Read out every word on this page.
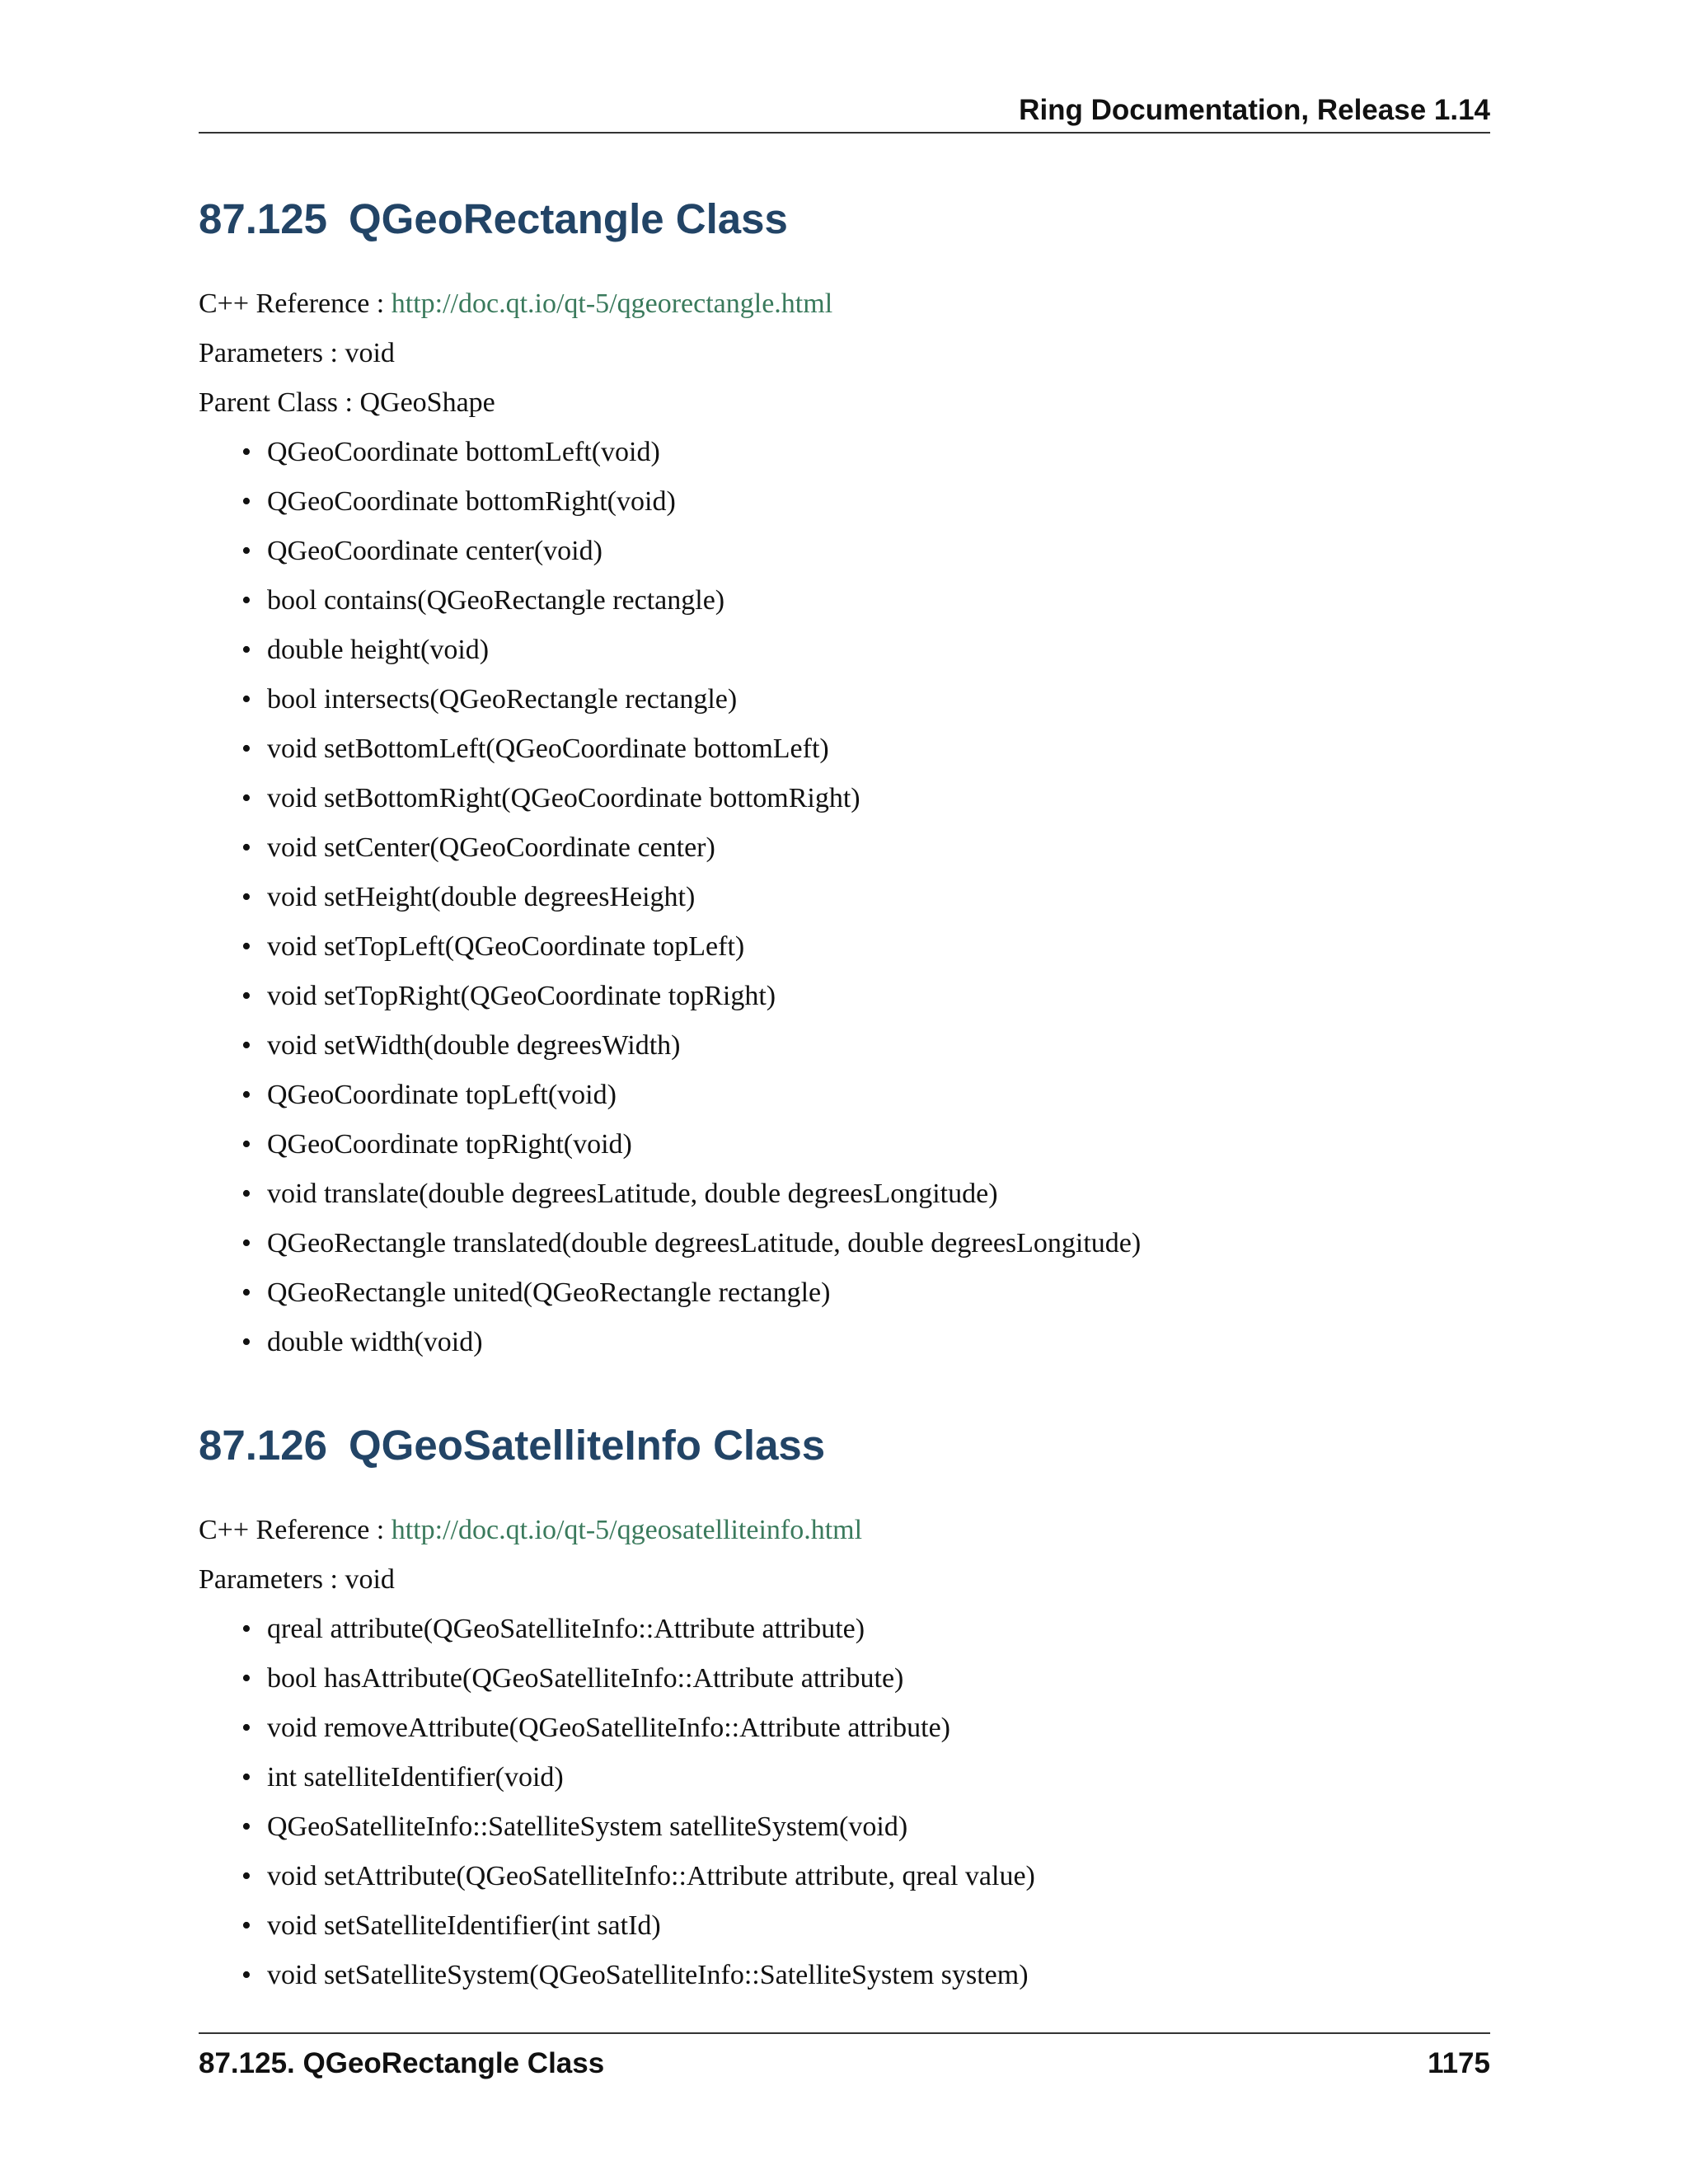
Ring Documentation, Release 1.14
87.125 QGeoRectangle Class
C++ Reference : http://doc.qt.io/qt-5/qgeorectangle.html
Parameters : void
Parent Class : QGeoShape
• QGeoCoordinate bottomLeft(void)
• QGeoCoordinate bottomRight(void)
• QGeoCoordinate center(void)
• bool contains(QGeoRectangle rectangle)
• double height(void)
• bool intersects(QGeoRectangle rectangle)
• void setBottomLeft(QGeoCoordinate bottomLeft)
• void setBottomRight(QGeoCoordinate bottomRight)
• void setCenter(QGeoCoordinate center)
• void setHeight(double degreesHeight)
• void setTopLeft(QGeoCoordinate topLeft)
• void setTopRight(QGeoCoordinate topRight)
• void setWidth(double degreesWidth)
• QGeoCoordinate topLeft(void)
• QGeoCoordinate topRight(void)
• void translate(double degreesLatitude, double degreesLongitude)
• QGeoRectangle translated(double degreesLatitude, double degreesLongitude)
• QGeoRectangle united(QGeoRectangle rectangle)
• double width(void)
87.126 QGeoSatelliteInfo Class
C++ Reference : http://doc.qt.io/qt-5/qgeosatelliteinfo.html
Parameters : void
• qreal attribute(QGeoSatelliteInfo::Attribute attribute)
• bool hasAttribute(QGeoSatelliteInfo::Attribute attribute)
• void removeAttribute(QGeoSatelliteInfo::Attribute attribute)
• int satelliteIdentifier(void)
• QGeoSatelliteInfo::SatelliteSystem satelliteSystem(void)
• void setAttribute(QGeoSatelliteInfo::Attribute attribute, qreal value)
• void setSatelliteIdentifier(int satId)
• void setSatelliteSystem(QGeoSatelliteInfo::SatelliteSystem system)
87.125. QGeoRectangle Class	1175
